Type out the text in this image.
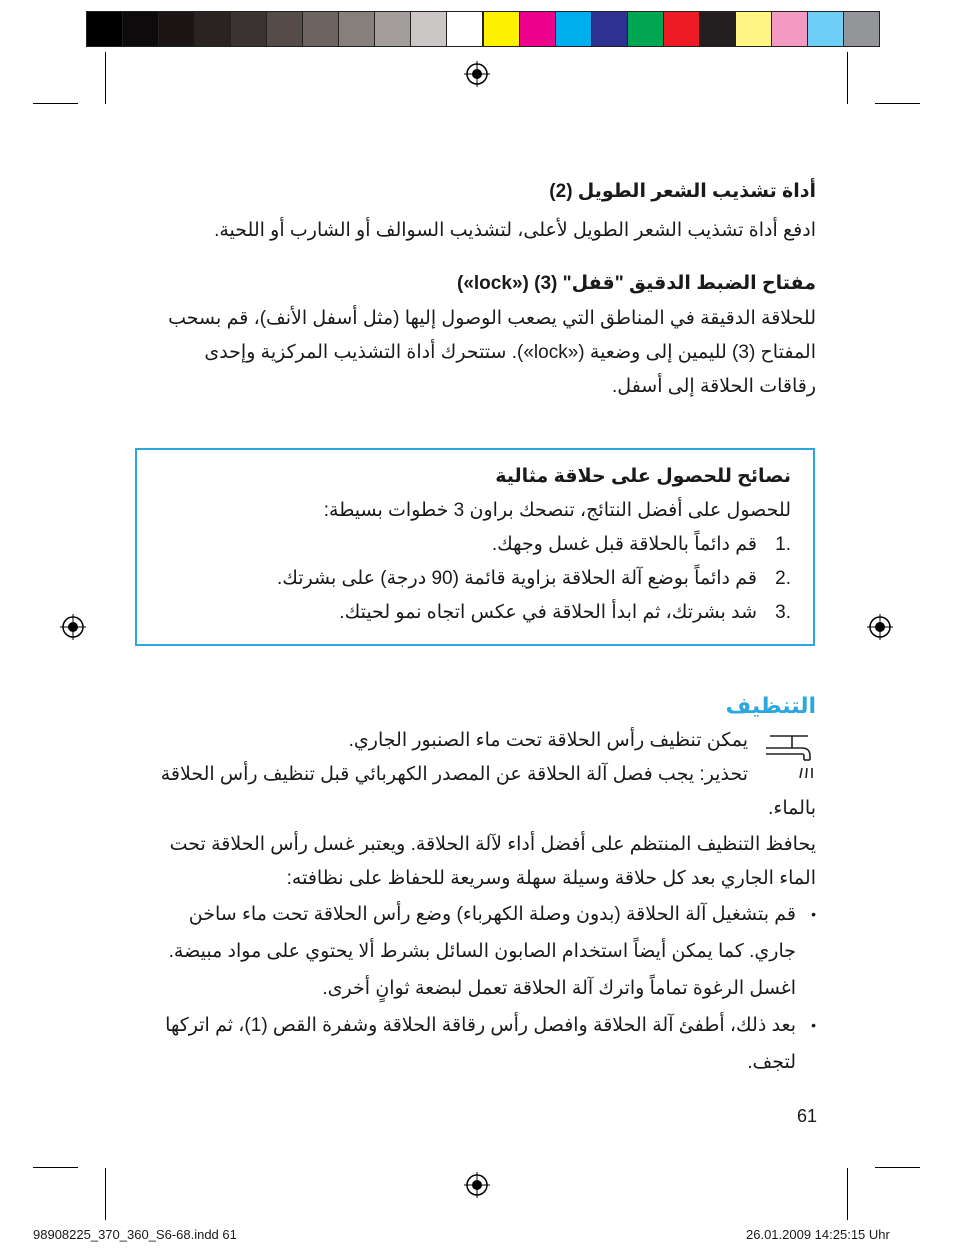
أداة تشذيب الشعر الطويل (2)
ادفع أداة تشذيب الشعر الطويل لأعلى، لتشذيب السوالف أو الشارب أو اللحية.
مفتاح الضبط الدقيق "قفل" (3) («lock»)
للحلاقة الدقيقة في المناطق التي يصعب الوصول إليها (مثل أسفل الأنف)، قم بسحب
المفتاح (3) لليمين إلى وضعية («lock»). ستتحرك أداة التشذيب المركزية وإحدى
رقاقات الحلاقة إلى أسفل.
نصائح للحصول على حلاقة مثالية
للحصول على أفضل النتائج، تنصحك براون 3 خطوات بسيطة:
1.
قم دائماً بالحلاقة قبل غسل وجهك.
2.
قم دائماً بوضع آلة الحلاقة بزاوية قائمة (90 درجة) على بشرتك.
3.
شد بشرتك، ثم ابدأ الحلاقة في عكس اتجاه نمو لحيتك.
التنظيف
يمكن تنظيف رأس الحلاقة تحت ماء الصنبور الجاري.
تحذير: يجب فصل آلة الحلاقة عن المصدر الكهربائي قبل تنظيف رأس الحلاقة
بالماء.
يحافظ التنظيف المنتظم على أفضل أداء لآلة الحلاقة. ويعتبر غسل رأس الحلاقة تحت
الماء الجاري بعد كل حلاقة وسيلة سهلة وسريعة للحفاظ على نظافته:
•
قم بتشغيل آلة الحلاقة (بدون وصلة الكهرباء) وضع رأس الحلاقة تحت ماء ساخن
جاري. كما يمكن أيضاً استخدام الصابون السائل بشرط ألا يحتوي على مواد مبيضة.
اغسل الرغوة تماماً واترك آلة الحلاقة تعمل لبضعة ثوانٍ أخرى.
•
بعد ذلك، أطفئ آلة الحلاقة وافصل رأس رقاقة الحلاقة وشفرة القص (1)، ثم اتركها
لتجف.
61
98908225_370_360_S6-68.indd 61	26.01.2009 14:25:15 Uhr
